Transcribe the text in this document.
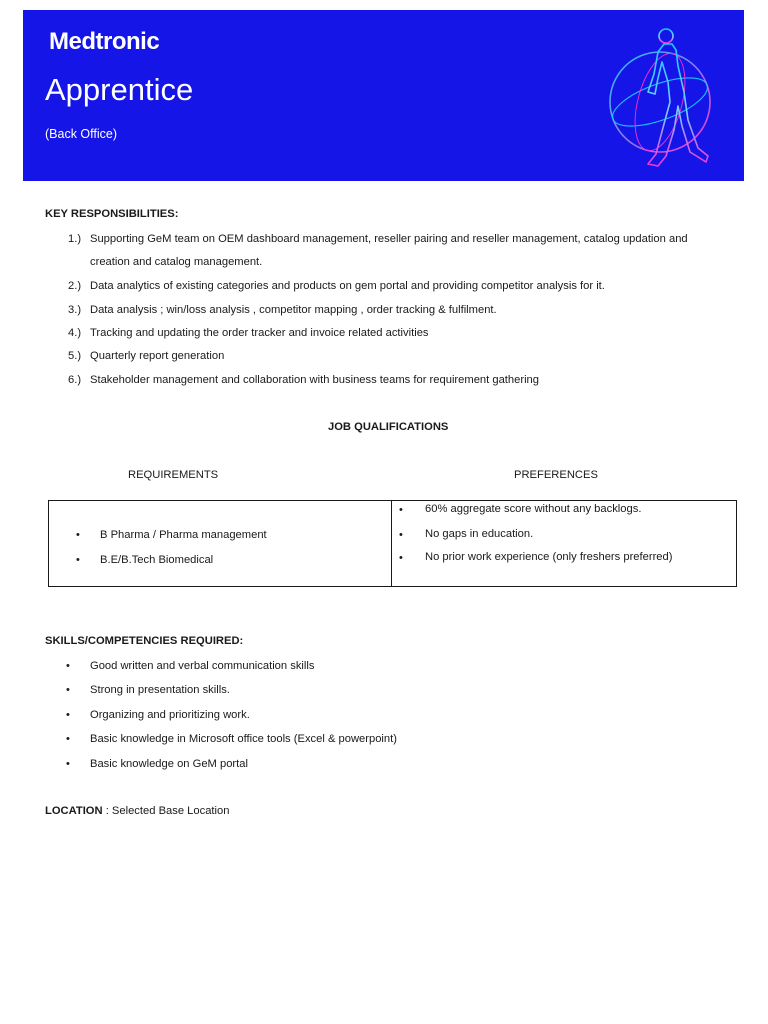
Medtronic
Apprentice
(Back Office)
KEY RESPONSIBILITIES:
1.) Supporting GeM team on OEM dashboard management, reseller pairing and reseller management, catalog updation and
creation and catalog management.
2.) Data analytics of existing categories and products on gem portal and providing competitor analysis for it.
3.) Data analysis ; win/loss analysis , competitor mapping , order tracking & fulfilment.
4.) Tracking and updating the order tracker and invoice related activities
5.) Quarterly report generation
6.) Stakeholder management and collaboration with business teams for requirement gathering
JOB QUALIFICATIONS
REQUIREMENTS	PREFERENCES
• B Pharma / Pharma management
• B.E/B.Tech Biomedical
• 60% aggregate score without any backlogs.
• No gaps in education.
• No prior work experience (only freshers preferred)
SKILLS/COMPETENCIES REQUIRED:
• Good written and verbal communication skills
• Strong in presentation skills.
• Organizing and prioritizing work.
• Basic knowledge in Microsoft office tools (Excel & powerpoint)
• Basic knowledge on GeM portal
LOCATION : Selected Base Location
